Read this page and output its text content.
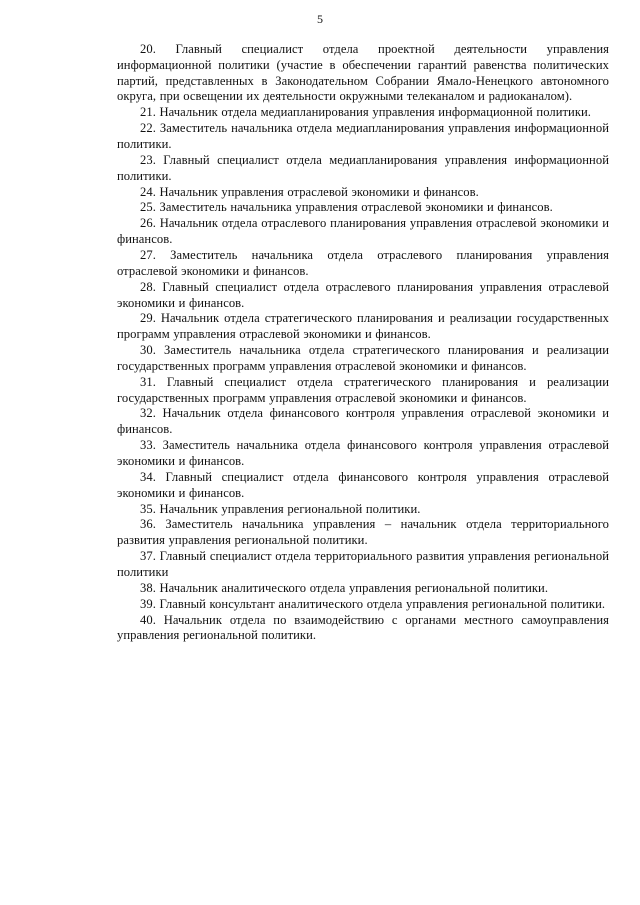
5

20. Главный специалист отдела проектной деятельности управления информационной политики (участие в обеспечении гарантий равенства политических партий, представленных в Законодательном Собрании Ямало-Ненецкого автономного округа, при освещении их деятельности окружными телеканалом и радиоканалом).

21. Начальник отдела медиапланирования управления информационной политики.

22. Заместитель начальника отдела медиапланирования управления информационной политики.

23. Главный специалист отдела медиапланирования управления информационной политики.

24. Начальник управления отраслевой экономики и финансов.

25. Заместитель начальника управления отраслевой экономики и финансов.

26. Начальник отдела отраслевого планирования управления отраслевой экономики и финансов.

27. Заместитель начальника отдела отраслевого планирования управления отраслевой экономики и финансов.

28. Главный специалист отдела отраслевого планирования управления отраслевой экономики и финансов.

29. Начальник отдела стратегического планирования и реализации государственных программ управления отраслевой экономики и финансов.

30. Заместитель начальника отдела стратегического планирования и реализации государственных программ управления отраслевой экономики и финансов.

31. Главный специалист отдела стратегического планирования и реализации государственных программ управления отраслевой экономики и финансов.

32. Начальник отдела финансового контроля управления отраслевой экономики и финансов.

33. Заместитель начальника отдела финансового контроля управления отраслевой экономики и финансов.

34. Главный специалист отдела финансового контроля управления отраслевой экономики и финансов.

35. Начальник управления региональной политики.

36. Заместитель начальника управления – начальник отдела территориального развития управления региональной политики.

37. Главный специалист отдела территориального развития управления региональной политики

38. Начальник аналитического отдела управления региональной политики.

39. Главный консультант аналитического отдела управления региональной политики.

40. Начальник отдела по взаимодействию с органами местного самоуправления управления региональной политики.
